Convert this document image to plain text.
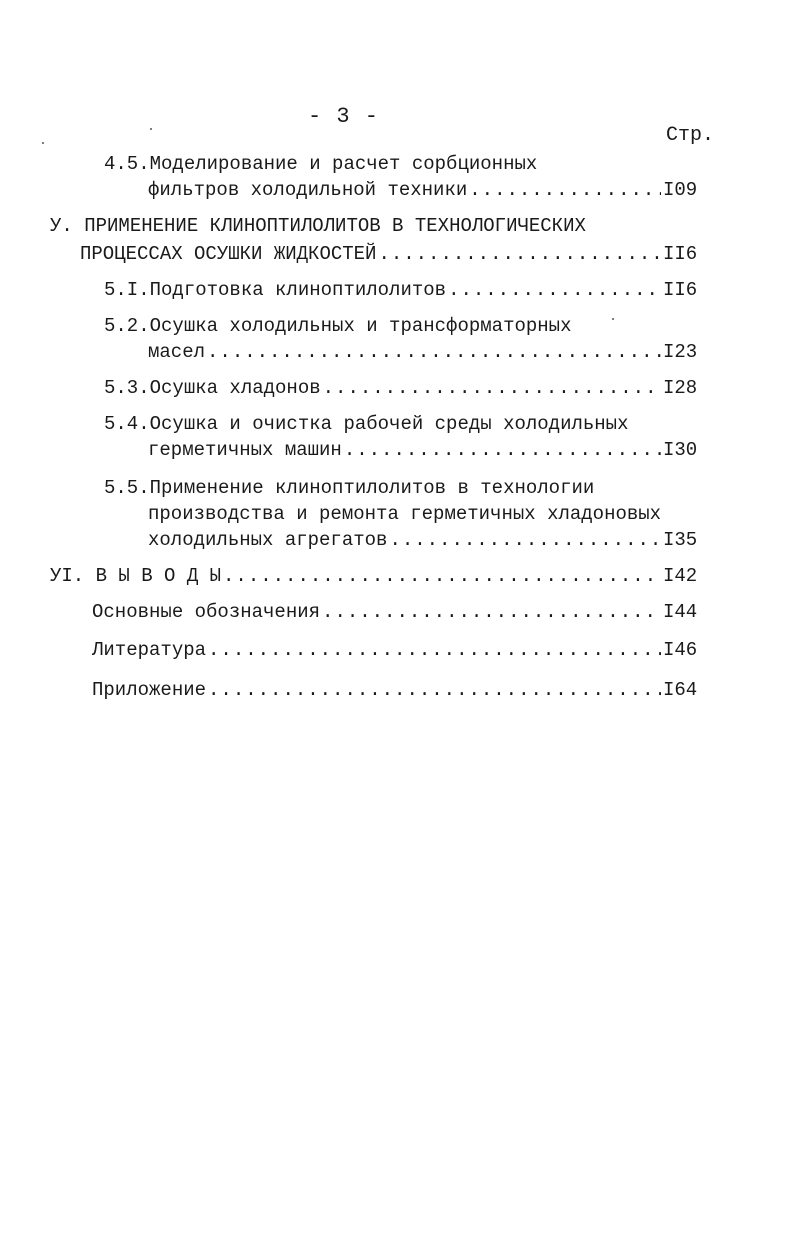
- 3 -
Стр.
4.5.Моделирование и расчет сорбционных
фильтров холодильной техники .....	I09
У. ПРИМЕНЕНИЕ КЛИНОПТИЛОЛИТОВ В ТЕХНОЛОГИЧЕСКИХ
ПРОЦЕССАХ ОСУШКИ ЖИДКОСТЕЙ .....	II6
5.I.Подготовка клиноптилолитов .....	II6
5.2.Осушка холодильных и трансформаторных
масел .....	I23
5.3.Осушка хладонов .....	I28
5.4.Осушка и очистка рабочей среды холодильных
герметичных машин .....	I30
5.5.Применение клиноптилолитов в технологии
производства и ремонта герметичных хладоновых
холодильных агрегатов .....	I35
УI. В Ы В О Д Ы .....	I42
Основные обозначения .....	I44
Литература .....	I46
Приложение .....	I64
